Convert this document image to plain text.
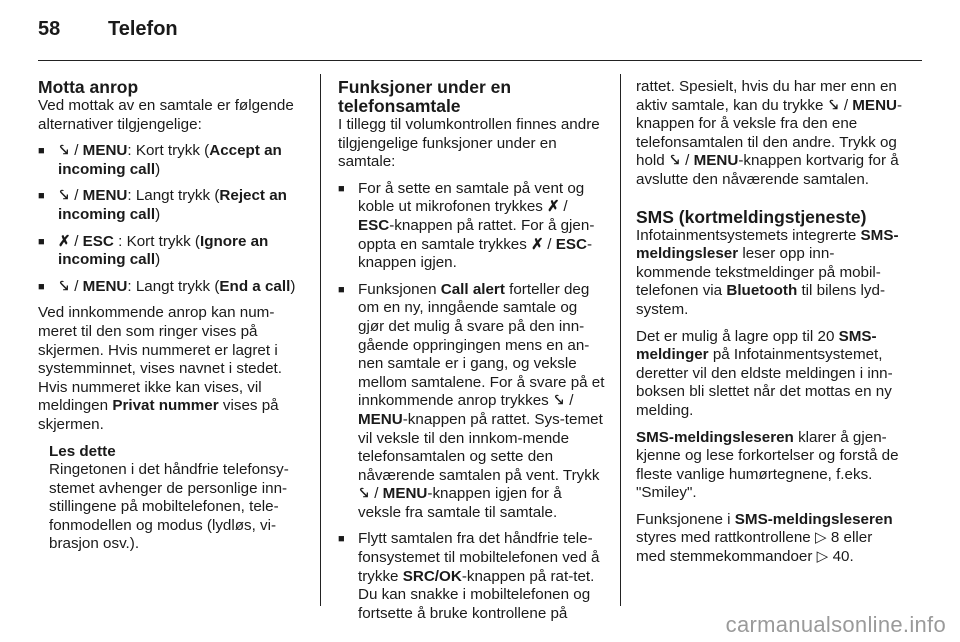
58 Telefon
Motta anrop

Ved mottak av en samtale er følgende alternativer tilgjengelige:

■ ⤥ / MENU: Kort trykk (Accept an incoming call)
■ ⤥ / MENU: Langt trykk (Reject an incoming call)
■ ✗ / ESC : Kort trykk (Ignore an incoming call)
■ ⤥ / MENU: Langt trykk (End a call)

Ved innkommende anrop kan num-meret til den som ringer vises på skjermen. Hvis nummeret er lagret i systemminnet, vises navnet i stedet. Hvis nummeret ikke kan vises, vil meldingen Privat nummer vises på skjermen.

Les dette
Ringetonen i det håndfrie telefonsy-stemet avhenger de personlige inn-stillingene på mobiltelefonen, tele-fonmodellen og modus (lydløs, vi-brasjon osv.).
Funksjoner under en telefonsamtale

I tillegg til volumkontrollen finnes andre tilgjengelige funksjoner under en samtale:

■ For å sette en samtale på vent og koble ut mikrofonen trykkes ✗ / ESC-knappen på rattet. For å gjen-oppta en samtale trykkes ✗ / ESC-knappen igjen.
■ Funksjonen Call alert forteller deg om en ny, inngående samtale og gjør det mulig å svare på den inn-gående oppringingen mens en an-nen samtale er i gang, og veksle mellom samtalene. For å svare på et innkommende anrop trykkes ⤥ / MENU-knappen på rattet. Sys-temet vil veksle til den innkom-mende telefonsamtalen og sette den nåværende samtalen på vent. Trykk ⤥ / MENU-knappen igjen for å veksle fra samtale til samtale.
■ Flytt samtalen fra det håndfrie tele-fonsystemet til mobiltelefonen ved å trykke SRC/OK-knappen på rat-tet. Du kan snakke i mobiltelefonen og fortsette å bruke kontrollene på

rattet. Spesielt, hvis du har mer enn en aktiv samtale, kan du trykke ⤥ / MENU-knappen for å veksle fra den ene telefonsamtalen til den andre. Trykk og hold ⤥ / MENU-knappen kortvarig for å avslutte den nåværende samtalen.

SMS (kortmeldingstjeneste)

Infotainmentsystemets integrerte SMS-meldingsleser leser opp inn-kommende tekstmeldinger på mobil-telefonen via Bluetooth til bilens lyd-system.

Det er mulig å lagre opp til 20 SMS-meldinger på Infotainmentsystemet, deretter vil den eldste meldingen i inn-boksen bli slettet når det mottas en ny melding.

SMS-meldingsleseren klarer å gjen-kjenne og lese forkortelser og forstå de fleste vanlige humørtegnene, f.eks. "Smiley".

Funksjonene i SMS-meldingsleseren styres med rattkontrollene ▷ 8 eller med stemmekommandoer ▷ 40.

carmanualsonline.info
